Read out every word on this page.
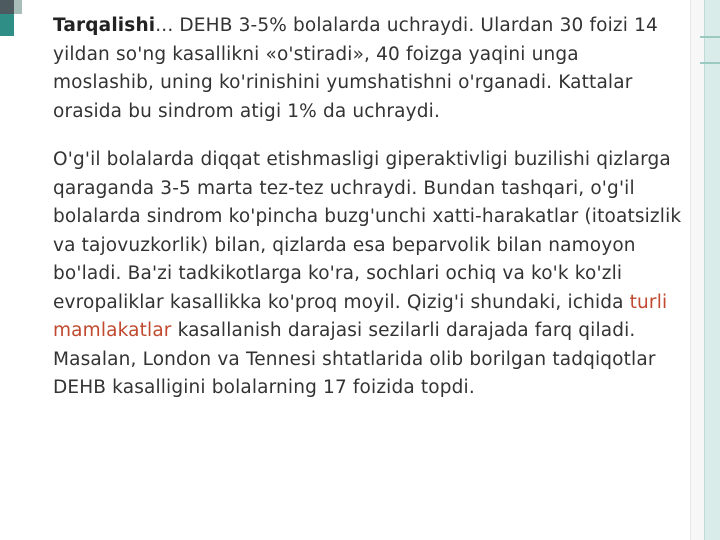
Tarqalishi... DEHB 3-5% bolalarda uchraydi. Ulardan 30 foizi 14 yildan so'ng kasallikni «o'stiradi», 40 foizga yaqini unga moslashib, uning ko'rinishini yumshatishni o'rganadi. Kattalar orasida bu sindrom atigi 1% da uchraydi.

O'g'il bolalarda diqqat etishmasligi giperaktivligi buzilishi qizlarga qaraganda 3-5 marta tez-tez uchraydi. Bundan tashqari, o'g'il bolalarda sindrom ko'pincha buzg'unchi xatti-harakatlar (itoatsizlik va tajovuzkorlik) bilan, qizlarda esa beparvolik bilan namoyon bo'ladi. Ba'zi tadkikotlarga ko'ra, sochlari ochiq va ko'k ko'zli evropaliklar kasallikka ko'proq moyil. Qizig'i shundaki, ichida turli mamlakatlar kasallanish darajasi sezilarli darajada farq qiladi. Masalan, London va Tennesi shtatlarida olib borilgan tadqiqotlar DEHB kasalligini bolalarning 17 foizida topdi.
